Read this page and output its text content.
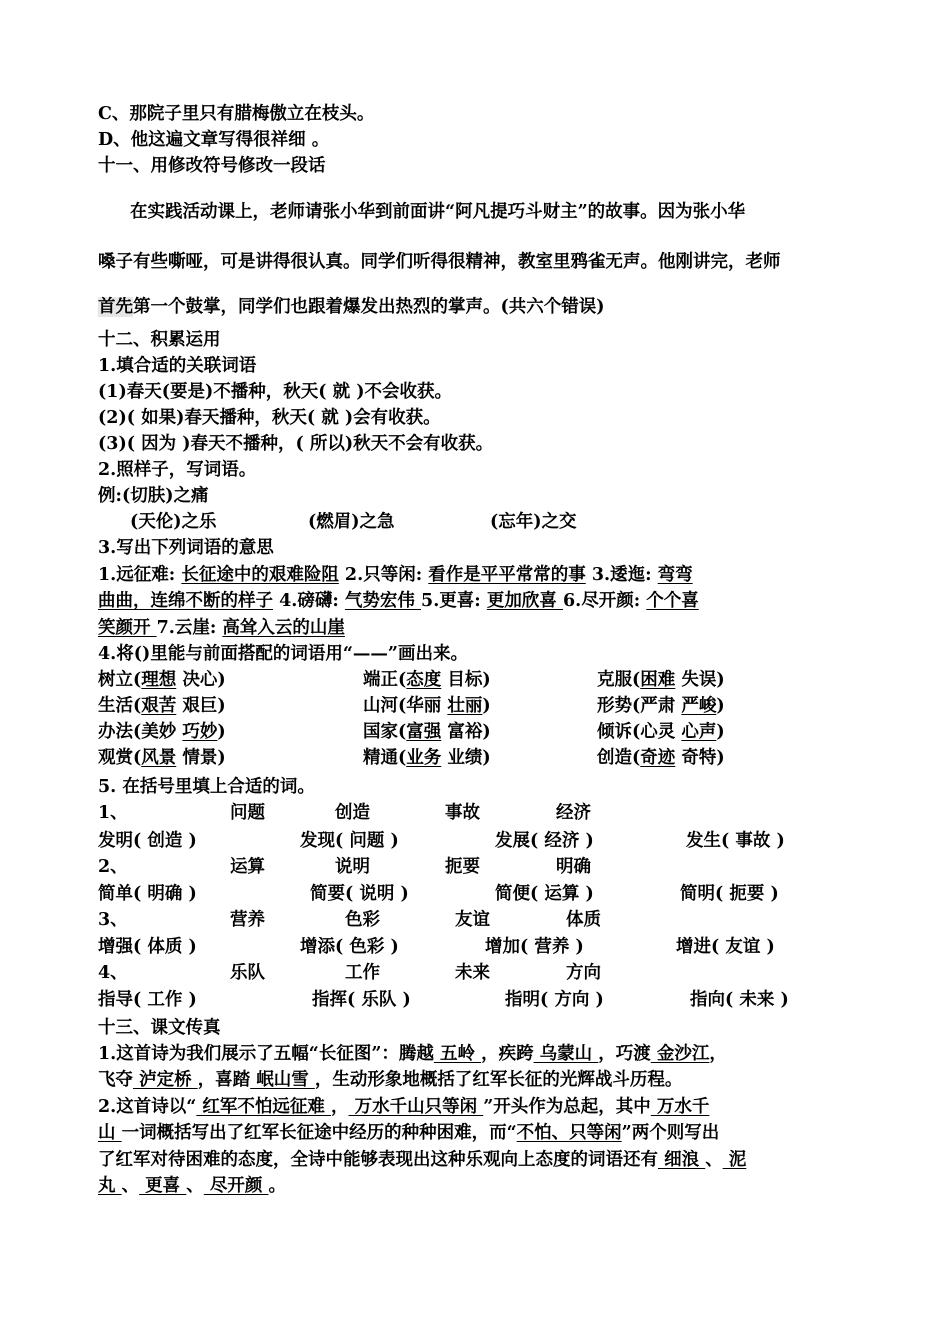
C、那院子里只有腊梅傲立在枝头。
D、他这遍文章写得很祥细 。
十一、用修改符号修改一段话
在实践活动课上，老师请张小华到前面讲“阿凡提巧斗财主”的故事。因为张小华
嗓子有些嘶哑，可是讲得很认真。同学们听得很精神，教室里鸦雀无声。他刚讲完，老师
首先第一个鼓掌，同学们也跟着爆发出热烈的掌声。(共六个错误)
十二、积累运用
1.填合适的关联词语
(1)春天(要是)不播种，秋天( 就 )不会收获。
(2)( 如果)春天播种，秋天( 就 )会有收获。
(3)( 因为 )春天不播种，( 所以)秋天不会有收获。
2.照样子，写词语。
例:(切肤)之痛
(天伦)之乐	(燃眉)之急	(忘年)之交
3.写出下列词语的意思
1.远征难: 长征途中的艰难险阻 2.只等闲: 看作是平平常常的事 3.逶迤: 弯弯
曲曲，连绵不断的样子 4.磅礴: 气势宏伟 5.更喜: 更加欣喜 6.尽开颜: 个个喜
笑颜开 7.云崖: 高耸入云的山崖
4.将()里能与前面搭配的词语用“——”画出来。
树立(理想 决心)	端正(态度 目标)	克服(困难 失误)
生活(艰苦 艰巨)	山河(华丽 壮丽)	形势(严肃 严峻)
办法(美妙 巧妙)	国家(富强 富裕)	倾诉(心灵 心声)
观赏(风景 情景)	精通(业务 业绩)	创造(奇迹 奇特)
5. 在括号里填上合适的词。
1、	问题	创造	事故	经济
发明( 创造 )	发现( 问题 )	发展( 经济 )	发生( 事故 )
2、	运算	说明	扼要	明确
简单( 明确 )	简要( 说明 )	简便( 运算 )	简明( 扼要 )
3、	营养	色彩	友谊	体质
增强( 体质 )	增添( 色彩 )	增加( 营养 )	增进( 友谊 )
4、	乐队	工作	未来	方向
指导( 工作 )	指挥( 乐队 )	指明( 方向 )	指向( 未来 )
十三、课文传真
1.这首诗为我们展示了五幅“长征图”：腾越 五岭 ，疾跨 乌蒙山 ，巧渡 金沙江，
飞夺 泸定桥 ，喜踏 岷山雪 ，生动形象地概括了红军长征的光辉战斗历程。
2.这首诗以“ 红军不怕远征难 ， 万水千山只等闲 ”开头作为总起，其中 万水千
山 一词概括写出了红军长征途中经历的种种困难，而“不怕、只等闲”两个则写出
了红军对待困难的态度，全诗中能够表现出这种乐观向上态度的词语还有 细浪 、 泥
丸 、 更喜 、 尽开颜 。
